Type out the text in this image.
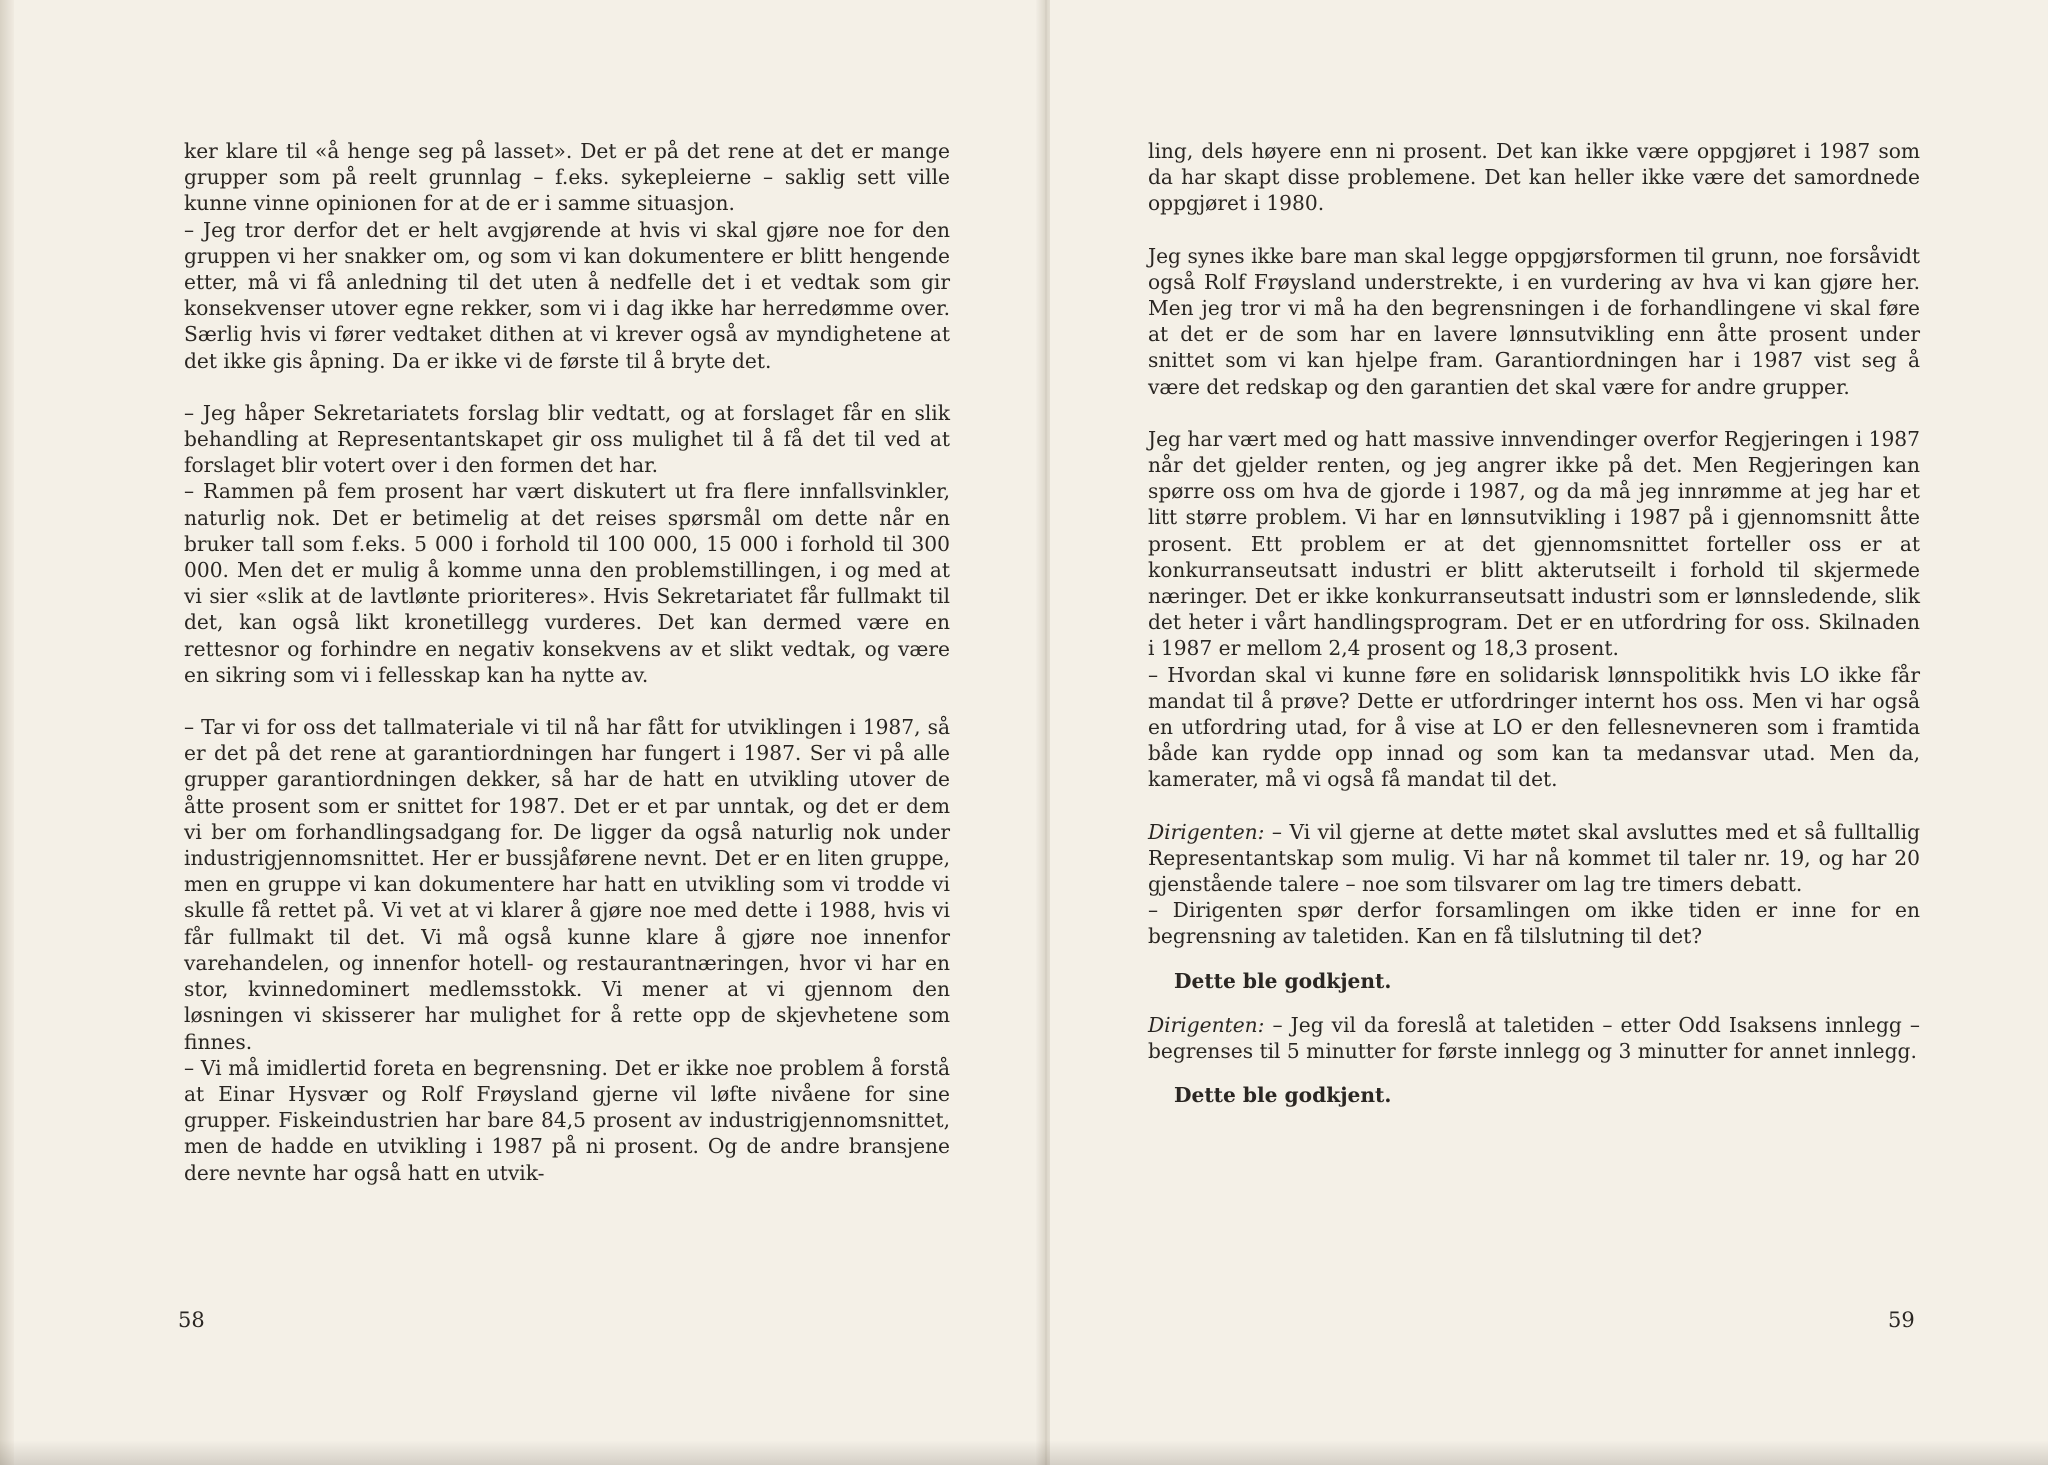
ker klare til «å henge seg på lasset». Det er på det rene at det er mange grupper som på reelt grunnlag – f.eks. sykepleierne – saklig sett ville kunne vinne opinionen for at de er i samme situasjon.

– Jeg tror derfor det er helt avgjørende at hvis vi skal gjøre noe for den gruppen vi her snakker om, og som vi kan dokumentere er blitt hengende etter, må vi få anledning til det uten å nedfelle det i et vedtak som gir konsekvenser utover egne rekker, som vi i dag ikke har herredømme over. Særlig hvis vi fører vedtaket dithen at vi krever også av myndighetene at det ikke gis åpning. Da er ikke vi de første til å bryte det.

– Jeg håper Sekretariatets forslag blir vedtatt, og at forslaget får en slik behandling at Representantskapet gir oss mulighet til å få det til ved at forslaget blir votert over i den formen det har.

– Rammen på fem prosent har vært diskutert ut fra flere innfallsvinkler, naturlig nok. Det er betimelig at det reises spørsmål om dette når en bruker tall som f.eks. 5 000 i forhold til 100 000, 15 000 i forhold til 300 000. Men det er mulig å komme unna den problemstillingen, i og med at vi sier «slik at de lavtlønte prioriteres». Hvis Sekretariatet får fullmakt til det, kan også likt kronetillegg vurderes. Det kan dermed være en rettesnor og forhindre en negativ konsekvens av et slikt vedtak, og være en sikring som vi i fellesskap kan ha nytte av.

– Tar vi for oss det tallmateriale vi til nå har fått for utviklingen i 1987, så er det på det rene at garantiordningen har fungert i 1987. Ser vi på alle grupper garantiordningen dekker, så har de hatt en utvikling utover de åtte prosent som er snittet for 1987. Det er et par unntak, og det er dem vi ber om forhandlingsadgang for. De ligger da også naturlig nok under industrigjennomsnittet. Her er bussjåførene nevnt. Det er en liten gruppe, men en gruppe vi kan dokumentere har hatt en utvikling som vi trodde vi skulle få rettet på. Vi vet at vi klarer å gjøre noe med dette i 1988, hvis vi får fullmakt til det. Vi må også kunne klare å gjøre noe innenfor varehandelen, og innenfor hotell- og restaurantnæringen, hvor vi har en stor, kvinnedominert medlemsstokk. Vi mener at vi gjennom den løsningen vi skisserer har mulighet for å rette opp de skjevhetene som finnes.

– Vi må imidlertid foreta en begrensning. Det er ikke noe problem å forstå at Einar Hysvær og Rolf Frøysland gjerne vil løfte nivåene for sine grupper. Fiskeindustrien har bare 84,5 prosent av industrigjennomsnittet, men de hadde en utvikling i 1987 på ni prosent. Og de andre bransjene dere nevnte har også hatt en utvik-

58

ling, dels høyere enn ni prosent. Det kan ikke være oppgjøret i 1987 som da har skapt disse problemene. Det kan heller ikke være det samordnede oppgjøret i 1980.

Jeg synes ikke bare man skal legge oppgjørsformen til grunn, noe forsåvidt også Rolf Frøysland understrekte, i en vurdering av hva vi kan gjøre her. Men jeg tror vi må ha den begrensningen i de forhandlingene vi skal føre at det er de som har en lavere lønnsutvikling enn åtte prosent under snittet som vi kan hjelpe fram. Garantiordningen har i 1987 vist seg å være det redskap og den garantien det skal være for andre grupper.

Jeg har vært med og hatt massive innvendinger overfor Regjeringen i 1987 når det gjelder renten, og jeg angrer ikke på det. Men Regjeringen kan spørre oss om hva de gjorde i 1987, og da må jeg innrømme at jeg har et litt større problem. Vi har en lønnsutvikling i 1987 på i gjennomsnitt åtte prosent. Ett problem er at det gjennomsnittet forteller oss er at konkurranseutsatt industri er blitt akterutseilt i forhold til skjermede næringer. Det er ikke konkurranseutsatt industri som er lønnsledende, slik det heter i vårt handlingsprogram. Det er en utfordring for oss. Skilnaden i 1987 er mellom 2,4 prosent og 18,3 prosent.

– Hvordan skal vi kunne føre en solidarisk lønnspolitikk hvis LO ikke får mandat til å prøve? Dette er utfordringer internt hos oss. Men vi har også en utfordring utad, for å vise at LO er den fellesnevneren som i framtida både kan rydde opp innad og som kan ta medansvar utad. Men da, kamerater, må vi også få mandat til det.

Dirigenten: – Vi vil gjerne at dette møtet skal avsluttes med et så fulltallig Representantskap som mulig. Vi har nå kommet til taler nr. 19, og har 20 gjenstående talere – noe som tilsvarer om lag tre timers debatt.

– Dirigenten spør derfor forsamlingen om ikke tiden er inne for en begrensning av taletiden. Kan en få tilslutning til det?

Dette ble godkjent.

Dirigenten: – Jeg vil da foreslå at taletiden – etter Odd Isaksens innlegg – begrenses til 5 minutter for første innlegg og 3 minutter for annet innlegg.

Dette ble godkjent.

59
